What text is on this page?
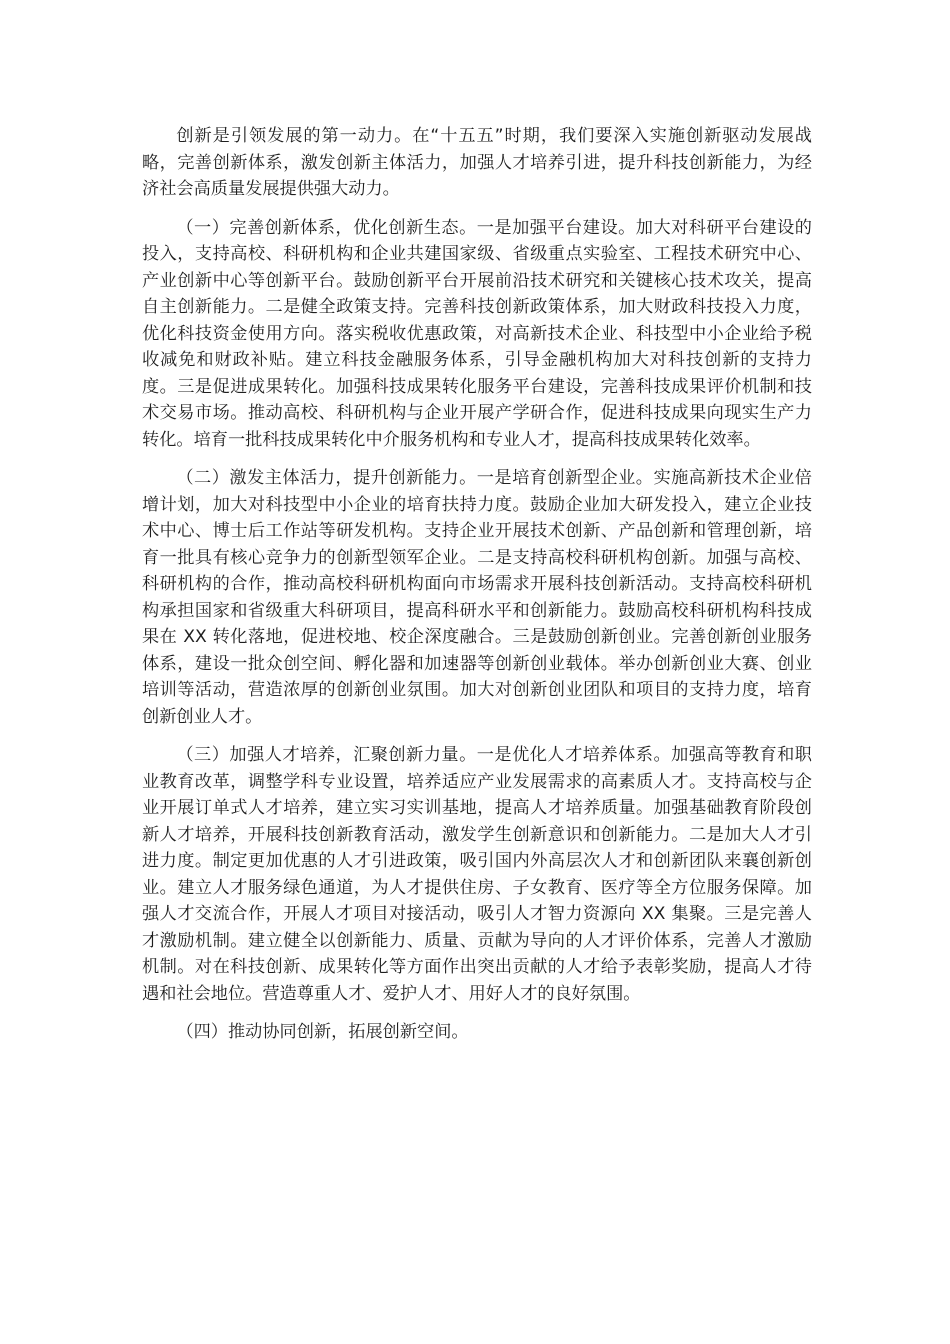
创新是引领发展的第一动力。在“十五五”时期，我们要深入实施创新驱动发展战略，完善创新体系，激发创新主体活力，加强人才培养引进，提升科技创新能力，为经济社会高质量发展提供强大动力。

（一）完善创新体系，优化创新生态。一是加强平台建设。加大对科研平台建设的投入，支持高校、科研机构和企业共建国家级、省级重点实验室、工程技术研究中心、产业创新中心等创新平台。鼓励创新平台开展前沿技术研究和关键核心技术攻关，提高自主创新能力。二是健全政策支持。完善科技创新政策体系，加大财政科技投入力度，优化科技资金使用方向。落实税收优惠政策，对高新技术企业、科技型中小企业给予税收减免和财政补贴。建立科技金融服务体系，引导金融机构加大对科技创新的支持力度。三是促进成果转化。加强科技成果转化服务平台建设，完善科技成果评价机制和技术交易市场。推动高校、科研机构与企业开展产学研合作，促进科技成果向现实生产力转化。培育一批科技成果转化中介服务机构和专业人才，提高科技成果转化效率。

（二）激发主体活力，提升创新能力。一是培育创新型企业。实施高新技术企业倍增计划，加大对科技型中小企业的培育扶持力度。鼓励企业加大研发投入，建立企业技术中心、博士后工作站等研发机构。支持企业开展技术创新、产品创新和管理创新，培育一批具有核心竞争力的创新型领军企业。二是支持高校科研机构创新。加强与高校、科研机构的合作，推动高校科研机构面向市场需求开展科技创新活动。支持高校科研机构承担国家和省级重大科研项目，提高科研水平和创新能力。鼓励高校科研机构科技成果在 XX 转化落地，促进校地、校企深度融合。三是鼓励创新创业。完善创新创业服务体系，建设一批众创空间、孵化器和加速器等创新创业载体。举办创新创业大赛、创业培训等活动，营造浓厚的创新创业氛围。加大对创新创业团队和项目的支持力度，培育创新创业人才。

（三）加强人才培养，汇聚创新力量。一是优化人才培养体系。加强高等教育和职业教育改革，调整学科专业设置，培养适应产业发展需求的高素质人才。支持高校与企业开展订单式人才培养，建立实习实训基地，提高人才培养质量。加强基础教育阶段创新人才培养，开展科技创新教育活动，激发学生创新意识和创新能力。二是加大人才引进力度。制定更加优惠的人才引进政策，吸引国内外高层次人才和创新团队来襄创新创业。建立人才服务绿色通道，为人才提供住房、子女教育、医疗等全方位服务保障。加强人才交流合作，开展人才项目对接活动，吸引人才智力资源向 XX 集聚。三是完善人才激励机制。建立健全以创新能力、质量、贡献为导向的人才评价体系，完善人才激励机制。对在科技创新、成果转化等方面作出突出贡献的人才给予表彰奖励，提高人才待遇和社会地位。营造尊重人才、爱护人才、用好人才的良好氛围。

（四）推动协同创新，拓展创新空间。
